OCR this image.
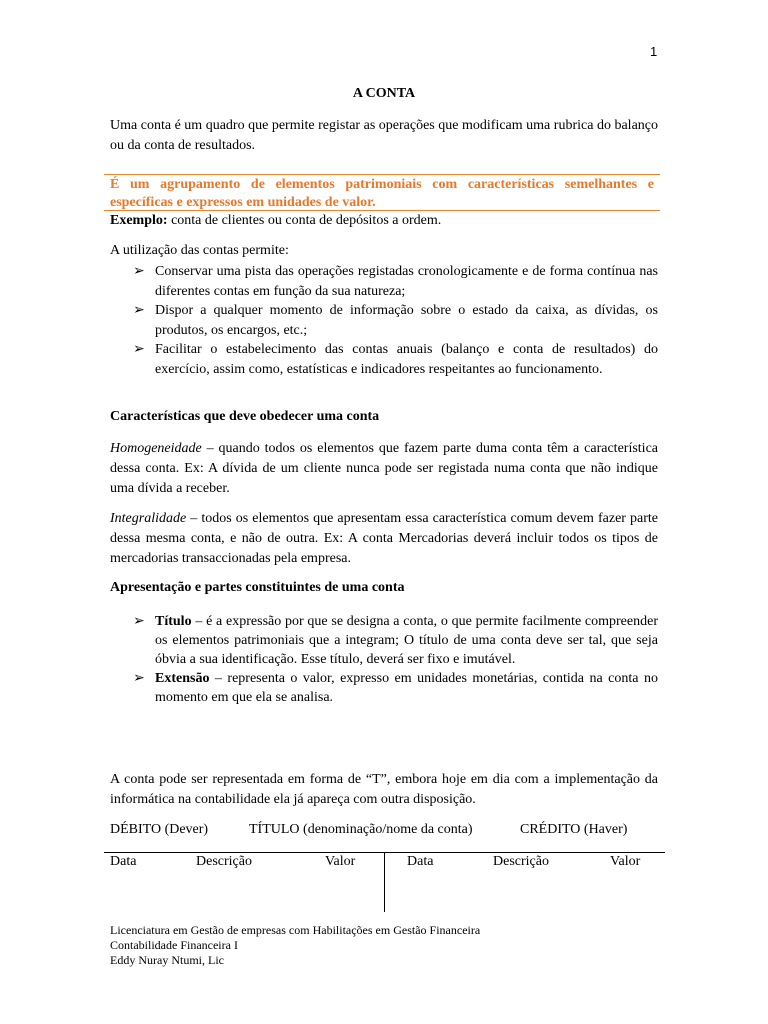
1
A CONTA
Uma conta é um quadro que permite registar as operações que modificam uma rubrica do balanço ou da conta de resultados.
É um agrupamento de elementos patrimoniais com características semelhantes e específicas e expressos em unidades de valor.
Exemplo: conta de clientes ou conta de depósitos a ordem.
A utilização das contas permite:
➢ Conservar uma pista das operações registadas cronologicamente e de forma contínua nas diferentes contas em função da sua natureza;
➢ Dispor a qualquer momento de informação sobre o estado da caixa, as dívidas, os produtos, os encargos, etc.;
➢ Facilitar o estabelecimento das contas anuais (balanço e conta de resultados) do exercício, assim como, estatísticas e indicadores respeitantes ao funcionamento.
Características que deve obedecer uma conta
Homogeneidade – quando todos os elementos que fazem parte duma conta têm a característica dessa conta. Ex: A dívida de um cliente nunca pode ser registada numa conta que não indique uma dívida a receber.
Integralidade – todos os elementos que apresentam essa característica comum devem fazer parte dessa mesma conta, e não de outra. Ex: A conta Mercadorias deverá incluir todos os tipos de mercadorias transaccionadas pela empresa.
Apresentação e partes constituintes de uma conta
➢ Título – é a expressão por que se designa a conta, o que permite facilmente compreender os elementos patrimoniais que a integram; O título de uma conta deve ser tal, que seja óbvia a sua identificação. Esse título, deverá ser fixo e imutável.
➢ Extensão – representa o valor, expresso em unidades monetárias, contida na conta no momento em que ela se analisa.
A conta pode ser representada em forma de “T”, embora hoje em dia com a implementação da informática na contabilidade ela já apareça com outra disposição.
DÉBITO (Dever)	TÍTULO (denominação/nome da conta)	CRÉDITO (Haver)
Data	Descrição	Valor	Data	Descrição	Valor
Licenciatura em Gestão de empresas com Habilitações em Gestão Financeira
Contabilidade Financeira I
Eddy Nuray Ntumi, Lic
